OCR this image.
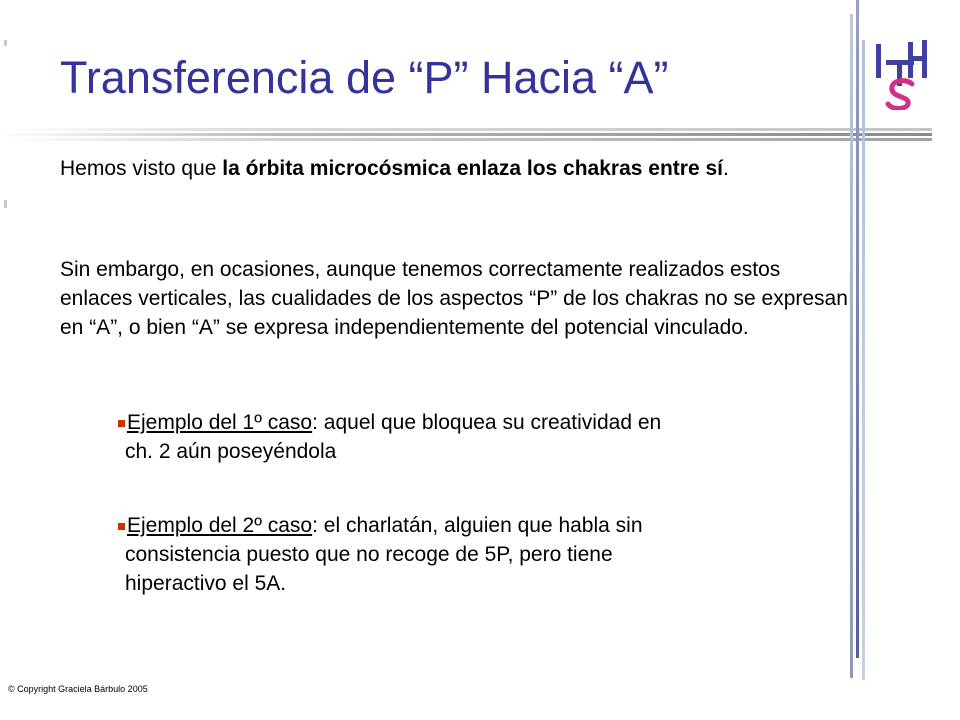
Transferencia de “P” Hacia “A”
Hemos visto que la órbita microcósmica enlaza los chakras entre sí.
Sin embargo, en ocasiones, aunque tenemos correctamente realizados estos enlaces verticales, las cualidades de los aspectos “P” de los chakras no se expresan en “A”, o bien “A” se expresa independientemente del potencial vinculado.
Ejemplo del 1º caso: aquel que bloquea su creatividad en
ch. 2 aún poseyéndola
Ejemplo del 2º caso: el charlatán, alguien que habla sin
consistencia puesto que no recoge de 5P, pero tiene
hiperactivo el 5A.
© Copyright Graciela Bárbulo 2005
